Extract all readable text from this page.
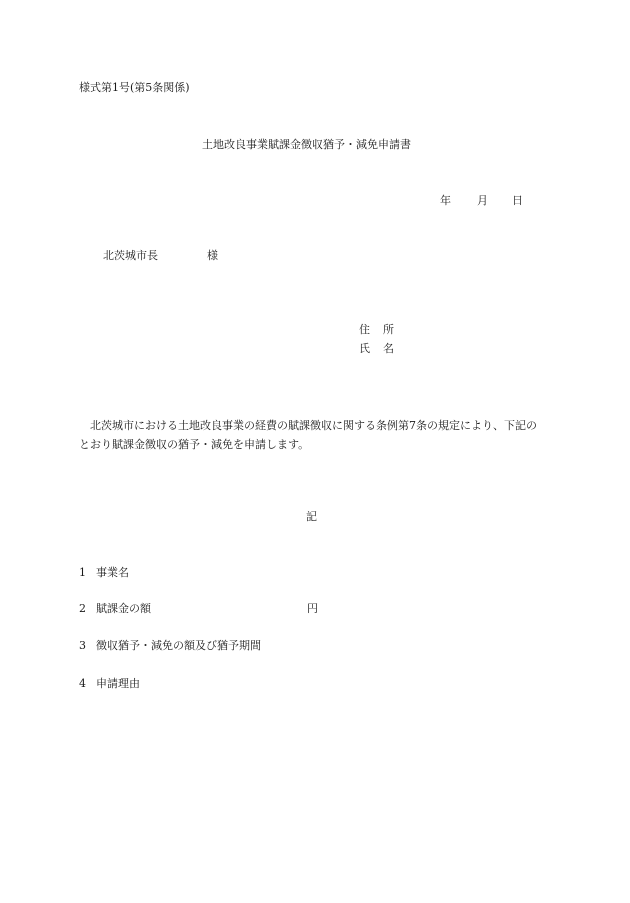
様式第1号(第5条関係)
土地改良事業賦課金徴収猶予・減免申請書
年 月 日
北茨城市長	様
住 所
氏 名
北茨城市における土地改良事業の経費の賦課徴収に関する条例第7条の規定により、下記のとおり賦課金徴収の猶予・減免を申請します。
記
1 事業名
2 賦課金の額	円
3 徴収猶予・減免の額及び猶予期間
4 申請理由
